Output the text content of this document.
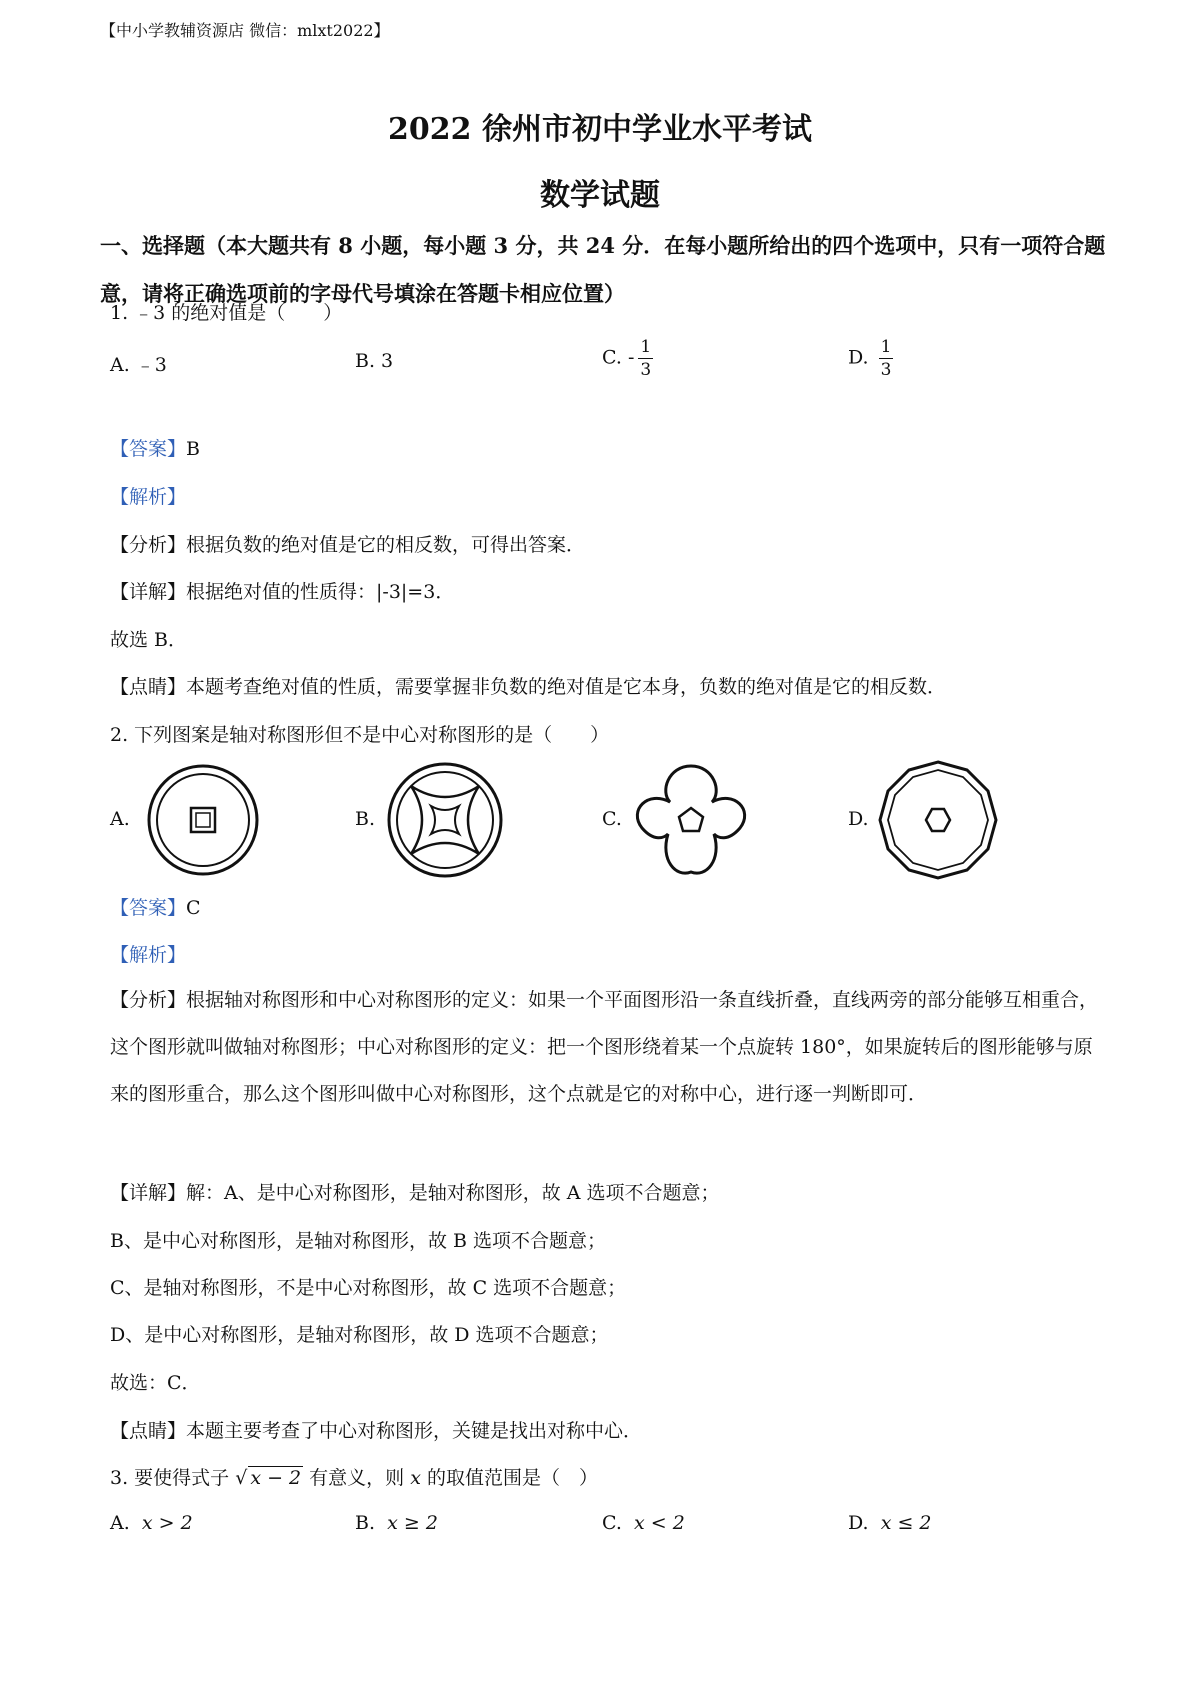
【中小学教辅资源店 微信：mlxt2022】
2022 徐州市初中学业水平考试
数学试题
一、选择题（本大题共有 8 小题，每小题 3 分，共 24 分．在每小题所给出的四个选项中，只有一项符合题意，请将正确选项前的字母代号填涂在答题卡相应位置）
1. ﹣3 的绝对值是（　　）
A. ﹣3	B. 3	C. - $\frac{1}{3}$	D. $\frac{1}{3}$
【答案】B
【解析】
【分析】根据负数的绝对值是它的相反数，可得出答案．
【详解】根据绝对值的性质得：|-3|=3．
故选 B．
【点睛】本题考查绝对值的性质，需要掌握非负数的绝对值是它本身，负数的绝对值是它的相反数．
2. 下列图案是轴对称图形但不是中心对称图形的是（　　）
A.	B.	C.	D.
【答案】C
【解析】
【分析】根据轴对称图形和中心对称图形的定义：如果一个平面图形沿一条直线折叠，直线两旁的部分能够互相重合，这个图形就叫做轴对称图形；中心对称图形的定义：把一个图形绕着某一个点旋转 180°，如果旋转后的图形能够与原来的图形重合，那么这个图形叫做中心对称图形，这个点就是它的对称中心，进行逐一判断即可．
【详解】解：A、是中心对称图形，是轴对称图形，故 A 选项不合题意；
B、是中心对称图形，是轴对称图形，故 B 选项不合题意；
C、是轴对称图形，不是中心对称图形，故 C 选项不合题意；
D、是中心对称图形，是轴对称图形，故 D 选项不合题意；
故选：C．
【点睛】本题主要考查了中心对称图形，关键是找出对称中心．
3. 要使得式子 √ x − 2 有意义，则 x 的取值范围是（　）
A. x > 2	B. x ≥ 2	C. x < 2	D. x ≤ 2
